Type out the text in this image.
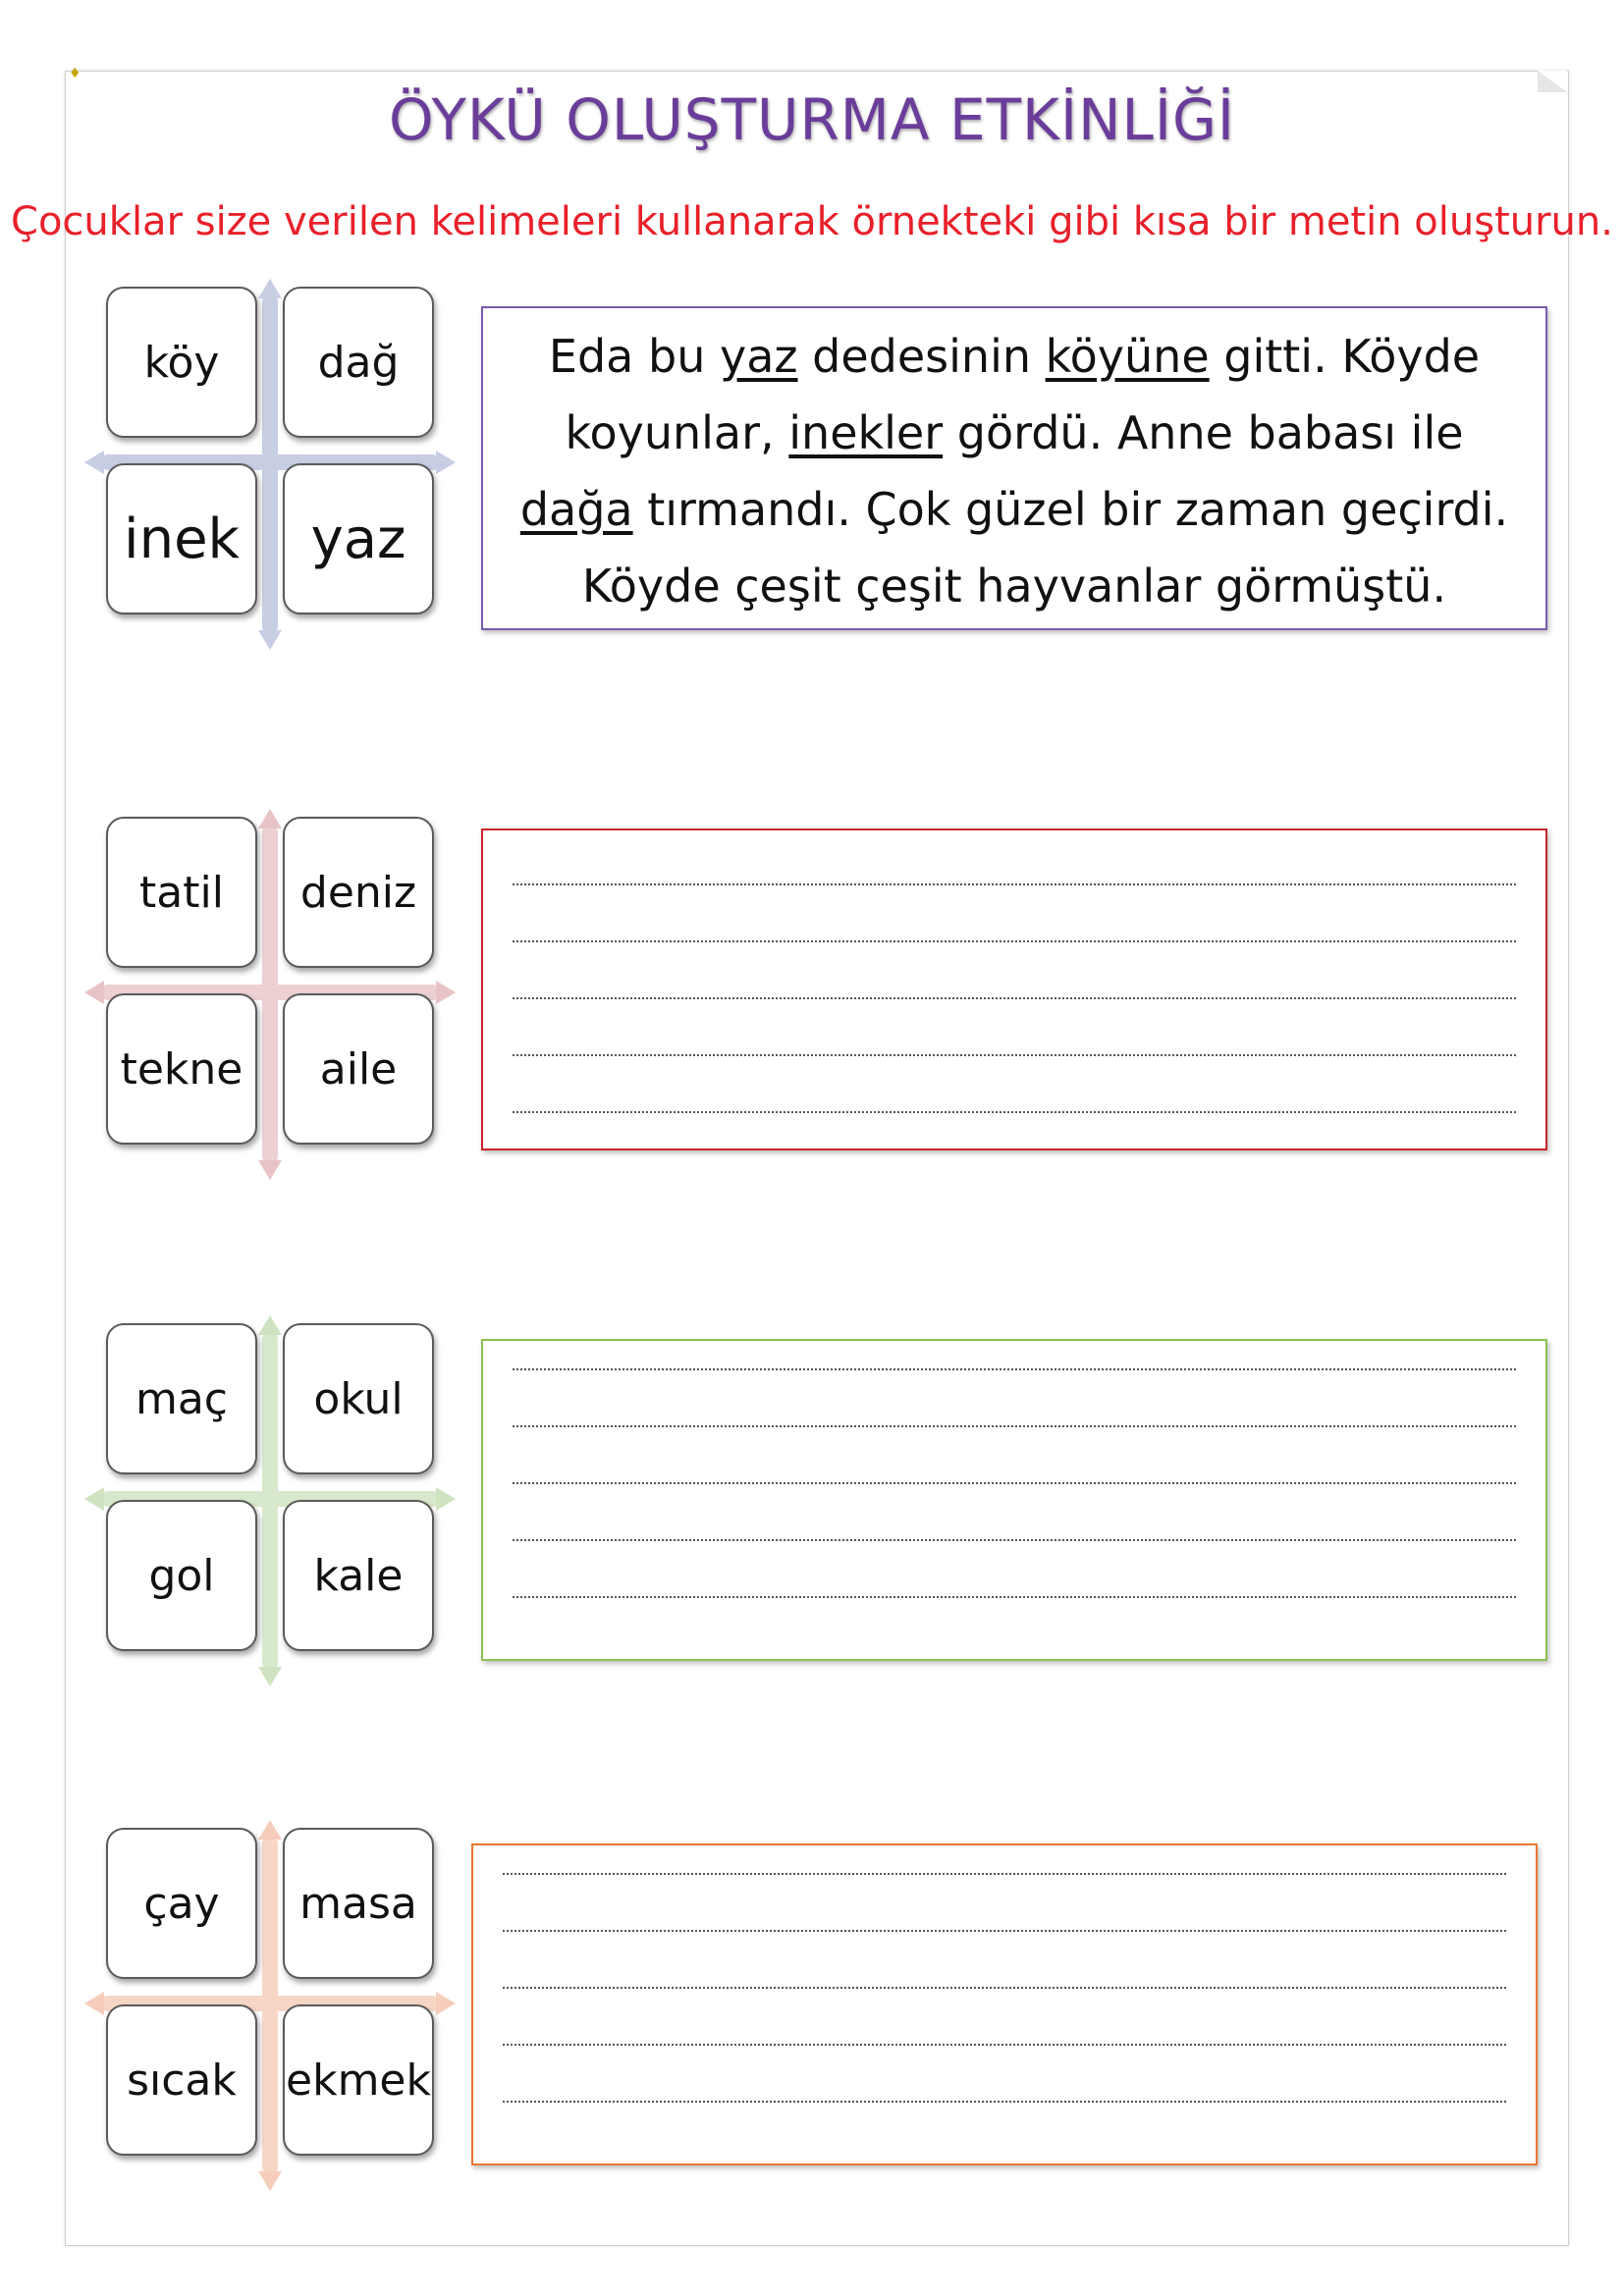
♦
ÖYKÜ OLUŞTURMA ETKİNLİĞİ
Çocuklar size verilen kelimeleri kullanarak örnekteki gibi kısa bir metin oluşturun.
köy	dağ
inek	yaz
Eda bu yaz dedesinin köyüne gitti. Köyde koyunlar, inekler gördü. Anne babası ile dağa tırmandı. Çok güzel bir zaman geçirdi. Köyde çeşit çeşit hayvanlar görmüştü.
tatil	deniz
tekne	aile
maç	okul
gol	kale
çay	masa
sıcak	ekmek
